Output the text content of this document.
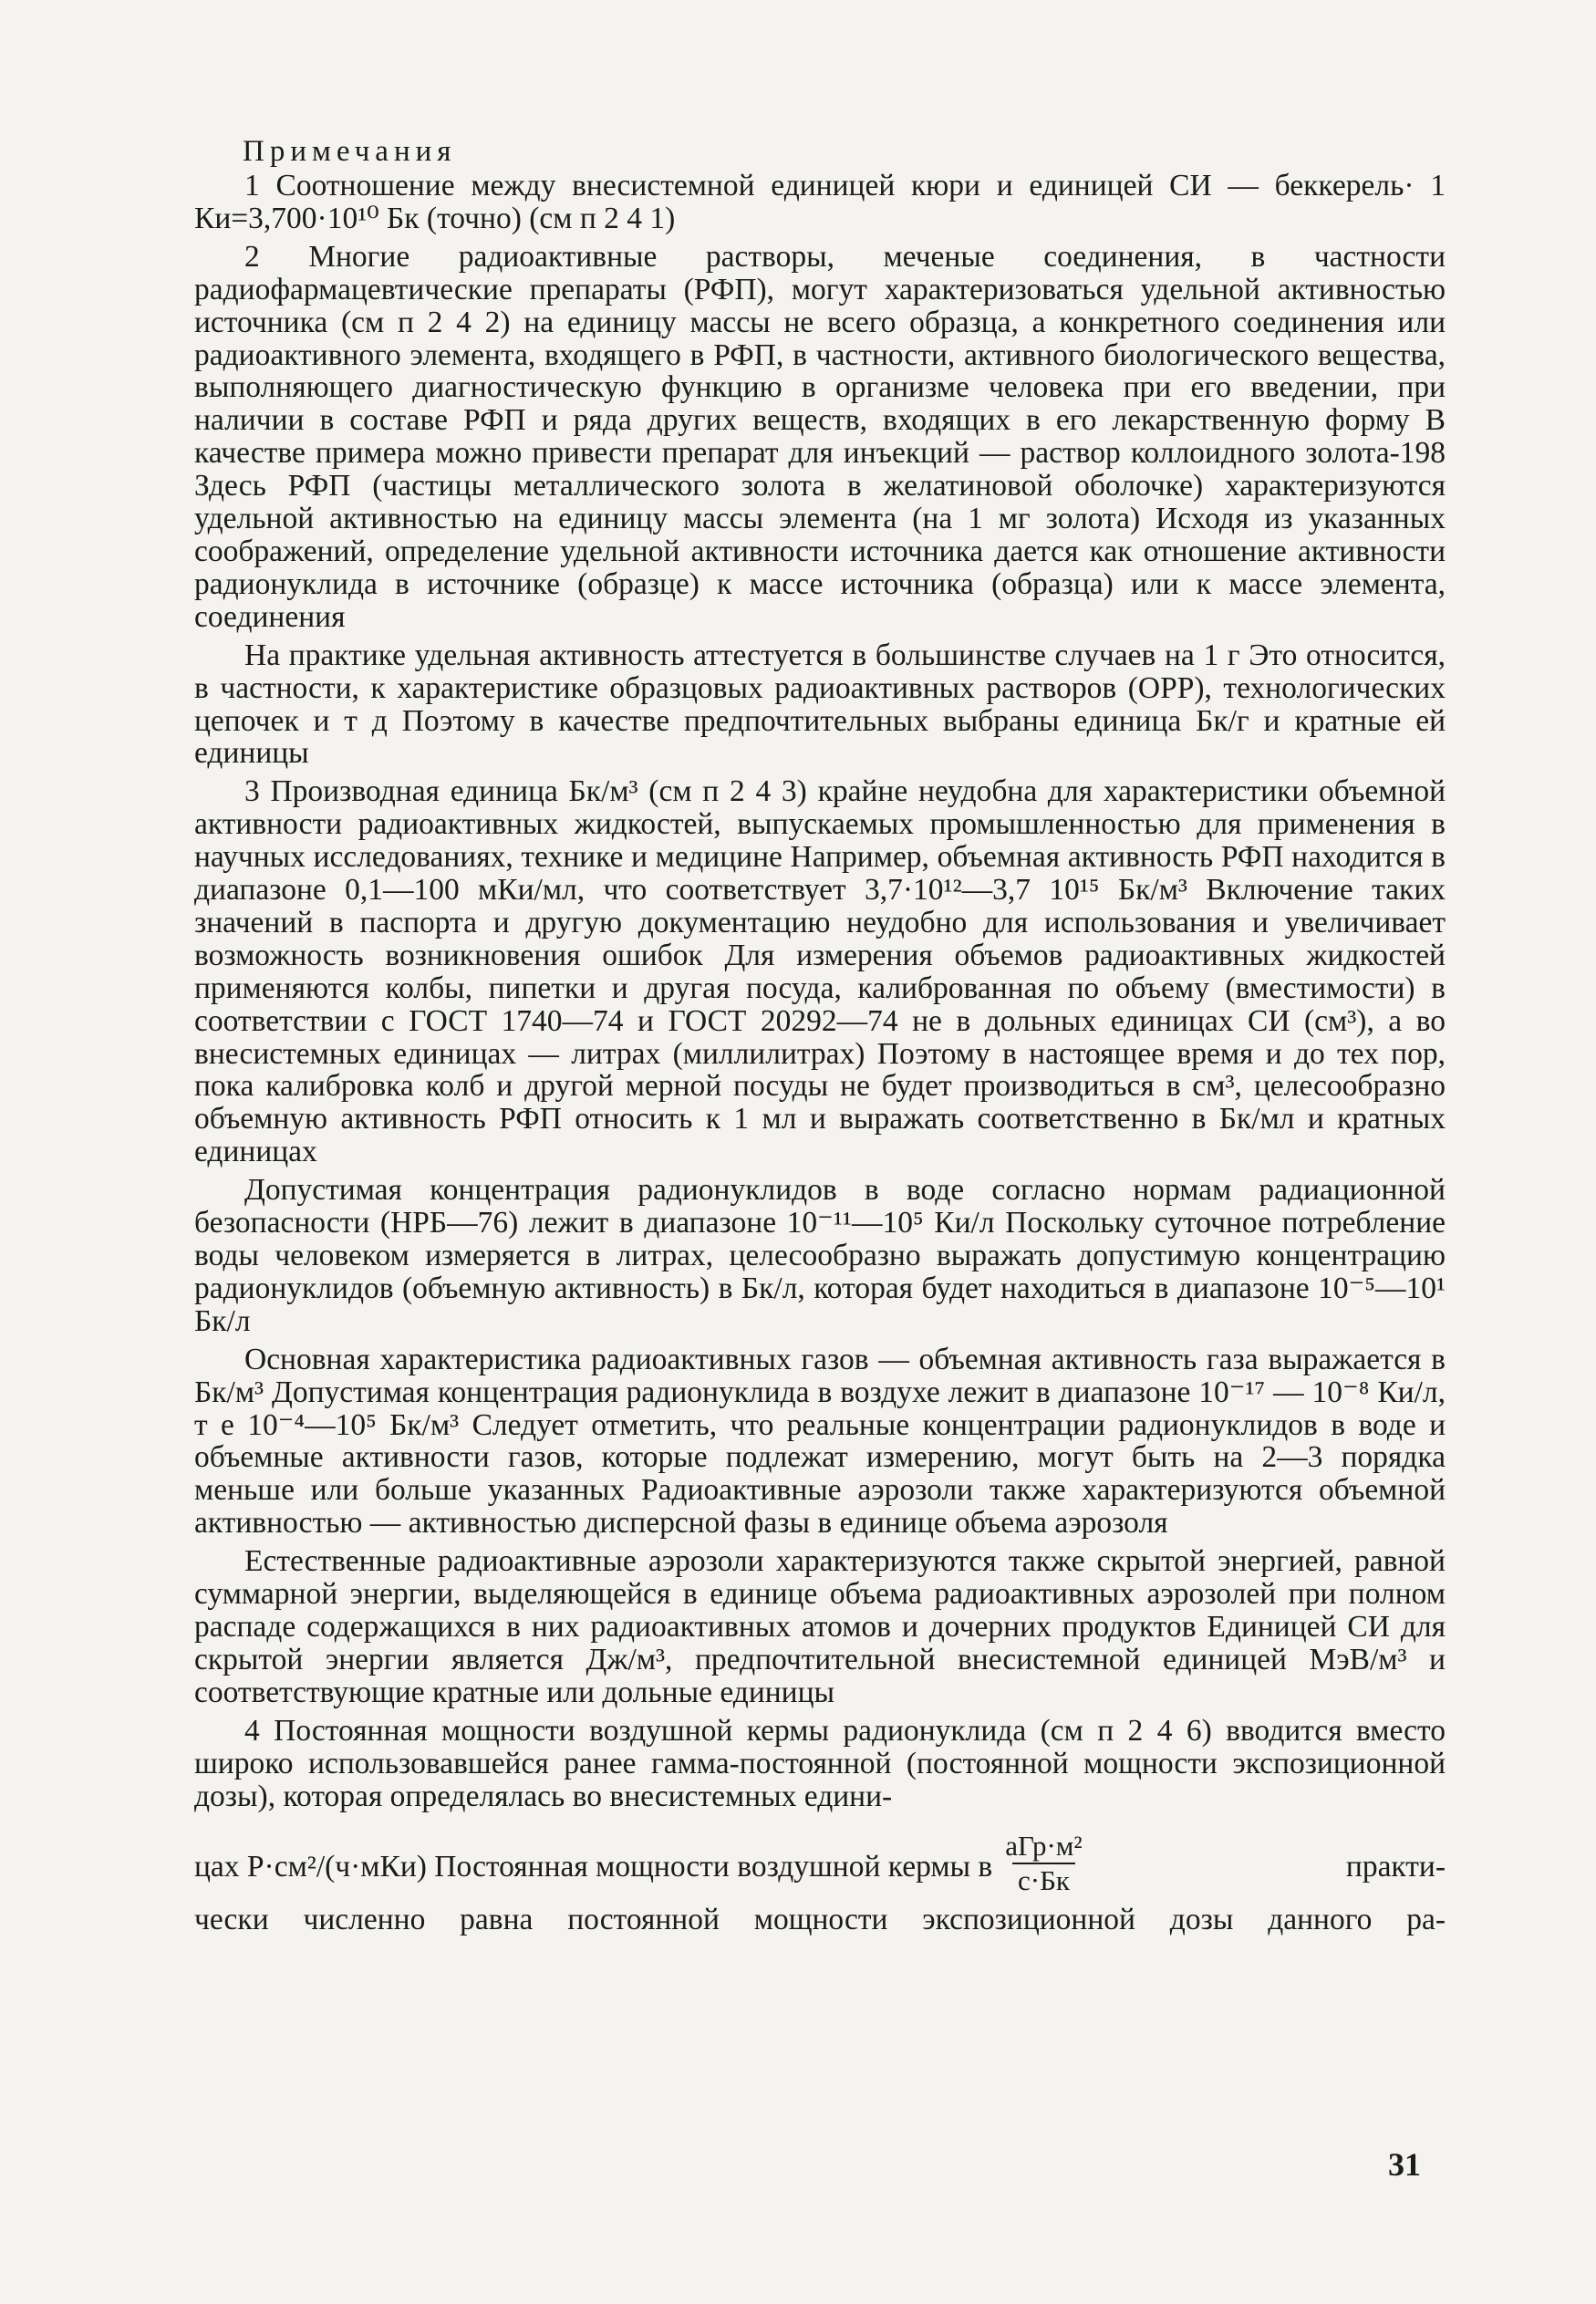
Примечания

1 Соотношение между внесистемной единицей кюри и единицей СИ — беккерель· 1 Ки=3,700·10¹⁰ Бк (точно) (см п 2 4 1)

2 Многие радиоактивные растворы, меченые соединения, в частности радиофармацевтические препараты (РФП), могут характеризоваться удельной активностью источника (см п 2 4 2) на единицу массы не всего образца, а конкретного соединения или радиоактивного элемента, входящего в РФП, в частности, активного биологического вещества, выполняющего диагностическую функцию в организме человека при его введении, при наличии в составе РФП и ряда других веществ, входящих в его лекарственную форму В качестве примера можно привести препарат для инъекций — раствор коллоидного золота-198 Здесь РФП (частицы металлического золота в желатиновой оболочке) характеризуются удельной активностью на единицу массы элемента (на 1 мг золота) Исходя из указанных соображений, определение удельной активности источника дается как отношение активности радионуклида в источнике (образце) к массе источника (образца) или к массе элемента, соединения

На практике удельная активность аттестуется в большинстве случаев на 1 г Это относится, в частности, к характеристике образцовых радиоактивных растворов (ОРР), технологических цепочек и т д Поэтому в качестве предпочтительных выбраны единица Бк/г и кратные ей единицы

3 Производная единица Бк/м³ (см п 2 4 3) крайне неудобна для характеристики объемной активности радиоактивных жидкостей, выпускаемых промышленностью для применения в научных исследованиях, технике и медицине Например, объемная активность РФП находится в диапазоне 0,1—100 мКи/мл, что соответствует 3,7·10¹²—3,7 10¹⁵ Бк/м³ Включение таких значений в паспорта и другую документацию неудобно для использования и увеличивает возможность возникновения ошибок Для измерения объемов радиоактивных жидкостей применяются колбы, пипетки и другая посуда, калиброванная по объему (вместимости) в соответствии с ГОСТ 1740—74 и ГОСТ 20292—74 не в дольных единицах СИ (см³), а во внесистемных единицах — литрах (миллилитрах) Поэтому в настоящее время и до тех пор, пока калибровка колб и другой мерной посуды не будет производиться в см³, целесообразно объемную активность РФП относить к 1 мл и выражать соответственно в Бк/мл и кратных единицах

Допустимая концентрация радионуклидов в воде согласно нормам радиационной безопасности (НРБ—76) лежит в диапазоне 10⁻¹¹—10⁵ Ки/л Поскольку суточное потребление воды человеком измеряется в литрах, целесообразно выражать допустимую концентрацию радионуклидов (объемную активность) в Бк/л, которая будет находиться в диапазоне 10⁻⁵—10¹ Бк/л

Основная характеристика радиоактивных газов — объемная активность газа выражается в Бк/м³ Допустимая концентрация радионуклида в воздухе лежит в диапазоне 10⁻¹⁷ — 10⁻⁸ Ки/л, т е 10⁻⁴—10⁵ Бк/м³ Следует отметить, что реальные концентрации радионуклидов в воде и объемные активности газов, которые подлежат измерению, могут быть на 2—3 порядка меньше или больше указанных Радиоактивные аэрозоли также характеризуются объемной активностью — активностью дисперсной фазы в единице объема аэрозоля

Естественные радиоактивные аэрозоли характеризуются также скрытой энергией, равной суммарной энергии, выделяющейся в единице объема радиоактивных аэрозолей при полном распаде содержащихся в них радиоактивных атомов и дочерних продуктов Единицей СИ для скрытой энергии является Дж/м³, предпочтительной внесистемной единицей МэВ/м³ и соответствующие кратные или дольные единицы

4 Постоянная мощности воздушной кермы радионуклида (см п 2 4 6) вводится вместо широко использовавшейся ранее гамма-постоянной (постоянной мощности экспозиционной дозы), которая определялась во внесистемных едини-

цах Р·см²/(ч·мКи) Постоянная мощности воздушной кермы в $\frac{\text{аГр·м²}}{с\cdot Бк}$	практи-

чески численно равна постоянной мощности экспозиционной дозы данного ра-

31
